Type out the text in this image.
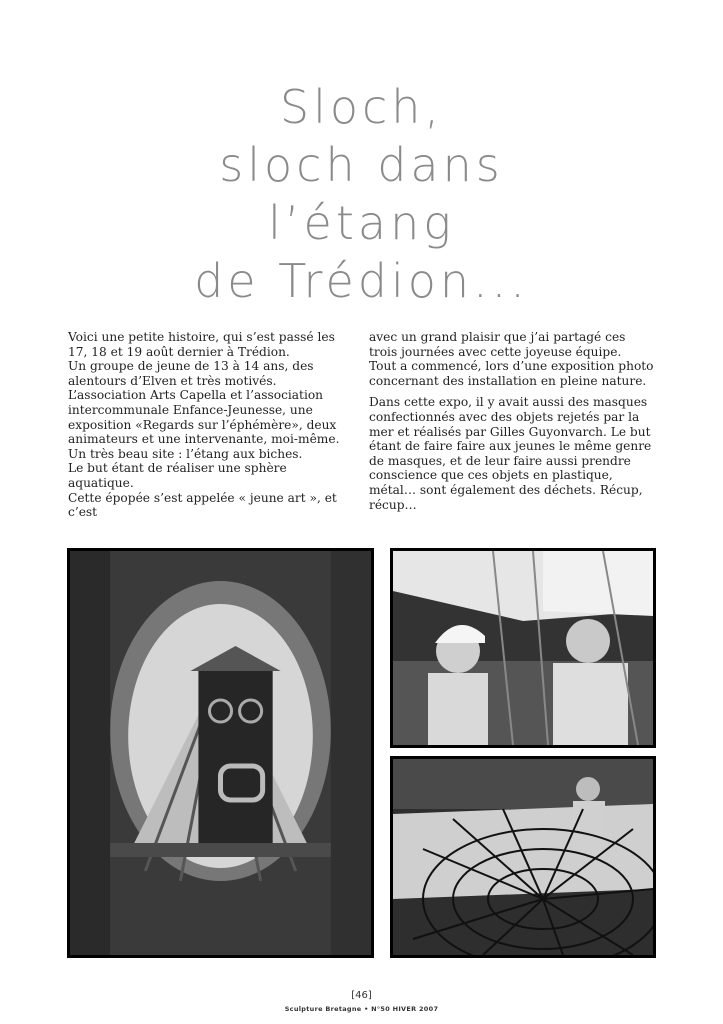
Sloch,
sloch dans
l’étang
de Trédion...

Voici une petite histoire, qui s’est passé les 17, 18 et 19 août dernier à Trédion.

Un groupe de jeune de 13 à 14 ans, des alentours d’Elven et très motivés.

L’association Arts Capella et l’association intercommunale Enfance-Jeunesse, une exposition «Regards sur l’éphémère», deux animateurs et une intervenante, moi-même. Un très beau site : l’étang aux biches.

Le but étant de réaliser une sphère aquatique.

Cette épopée s’est appelée « jeune art », et c’est

avec un grand plaisir que j’ai partagé ces trois journées avec cette joyeuse équipe.

Tout a commencé, lors d’une exposition photo concernant des installation en pleine nature.

Dans cette expo, il y avait aussi des masques confectionnés avec des objets rejetés par la mer et réalisés par Gilles Guyonvarch. Le but étant de faire faire aux jeunes le même genre de masques, et de leur faire aussi prendre conscience que ces objets en plastique, métal… sont également des déchets. Récup, récup…

[46]
Sculpture Bretagne • N°50 HIVER 2007
